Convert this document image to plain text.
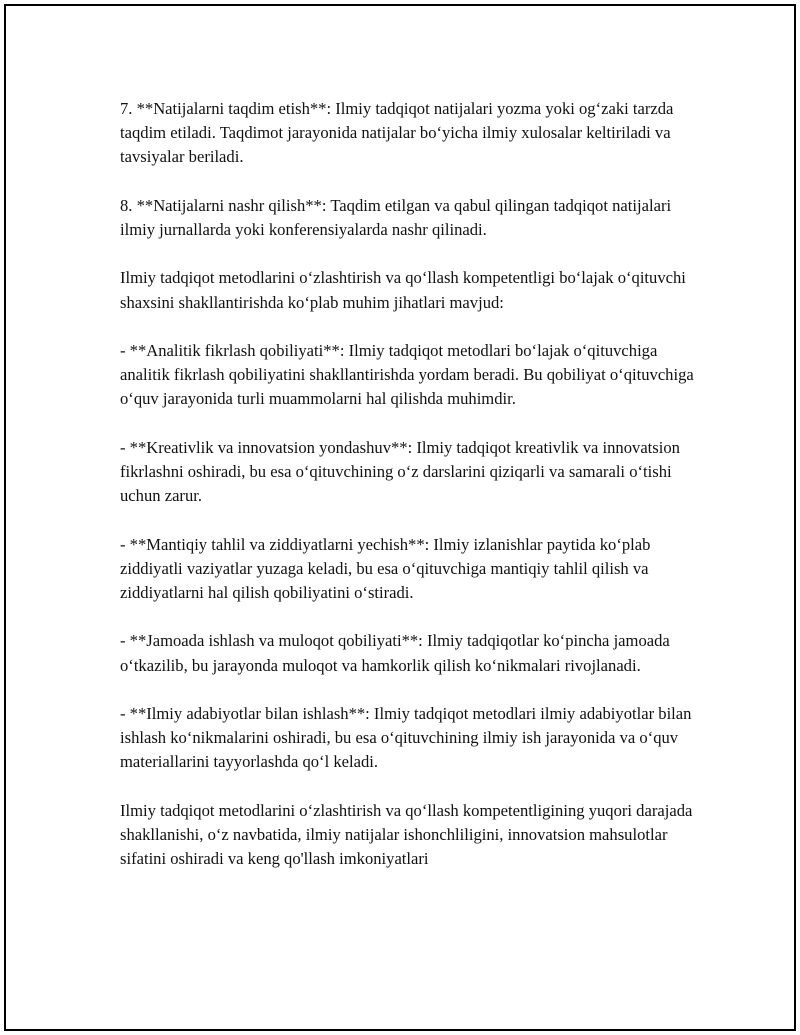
7. **Natijalarni taqdim etish**: Ilmiy tadqiqot natijalari yozma yoki og‘zaki tarzda taqdim etiladi. Taqdimot jarayonida natijalar bo‘yicha ilmiy xulosalar keltiriladi va tavsiyalar beriladi.

8. **Natijalarni nashr qilish**: Taqdim etilgan va qabul qilingan tadqiqot natijalari ilmiy jurnallarda yoki konferensiyalarda nashr qilinadi.

Ilmiy tadqiqot metodlarini o‘zlashtirish va qo‘llash kompetentligi bo‘lajak o‘qituvchi shaxsini shakllantirishda ko‘plab muhim jihatlari mavjud:

- **Analitik fikrlash qobiliyati**: Ilmiy tadqiqot metodlari bo‘lajak o‘qituvchiga analitik fikrlash qobiliyatini shakllantirishda yordam beradi. Bu qobiliyat o‘qituvchiga o‘quv jarayonida turli muammolarni hal qilishda muhimdir.

- **Kreativlik va innovatsion yondashuv**: Ilmiy tadqiqot kreativlik va innovatsion fikrlashni oshiradi, bu esa o‘qituvchining o‘z darslarini qiziqarli va samarali o‘tishi uchun zarur.

- **Mantiqiy tahlil va ziddiyatlarni yechish**: Ilmiy izlanishlar paytida ko‘plab ziddiyatli vaziyatlar yuzaga keladi, bu esa o‘qituvchiga mantiqiy tahlil qilish va ziddiyatlarni hal qilish qobiliyatini o‘stiradi.

- **Jamoada ishlash va muloqot qobiliyati**: Ilmiy tadqiqotlar ko‘pincha jamoada o‘tkazilib, bu jarayonda muloqot va hamkorlik qilish ko‘nikmalari rivojlanadi.

- **Ilmiy adabiyotlar bilan ishlash**: Ilmiy tadqiqot metodlari ilmiy adabiyotlar bilan ishlash ko‘nikmalarini oshiradi, bu esa o‘qituvchining ilmiy ish jarayonida va o‘quv materiallarini tayyorlashda qo‘l keladi.

Ilmiy tadqiqot metodlarini o‘zlashtirish va qo‘llash kompetentligining yuqori darajada shakllanishi, o‘z navbatida, ilmiy natijalar ishonchliligini, innovatsion mahsulotlar sifatini oshiradi va keng qo'llash imkoniyatlari
